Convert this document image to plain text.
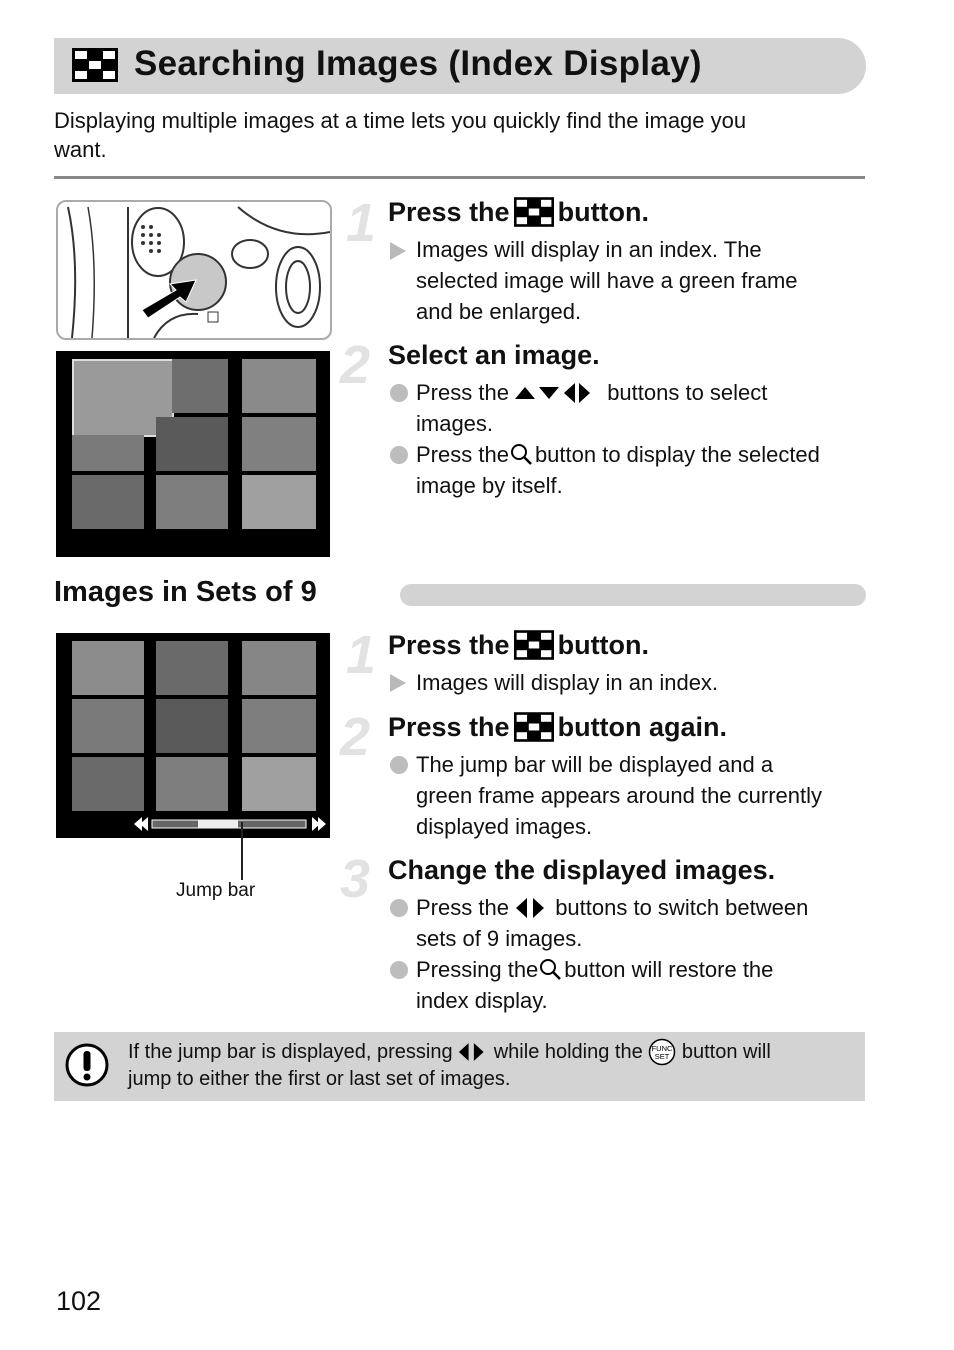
Searching Images (Index Display)
Displaying multiple images at a time lets you quickly find the image you
want.
1 Press the button.
Images will display in an index. The
selected image will have a green frame
and be enlarged.
2 Select an image.
Press the	buttons to select
images.
Press the button to display the selected
image by itself.
Images in Sets of 9
Jump bar
1 Press the button.
Images will display in an index.
2 Press the button again.
The jump bar will be displayed and a
green frame appears around the currently
displayed images.
3 Change the displayed images.
Press the buttons to switch between
sets of 9 images.
Pressing the button will restore the
index display.
If the jump bar is displayed, pressing while holding the FUNC
SET button will
jump to either the first or last set of images.
102
